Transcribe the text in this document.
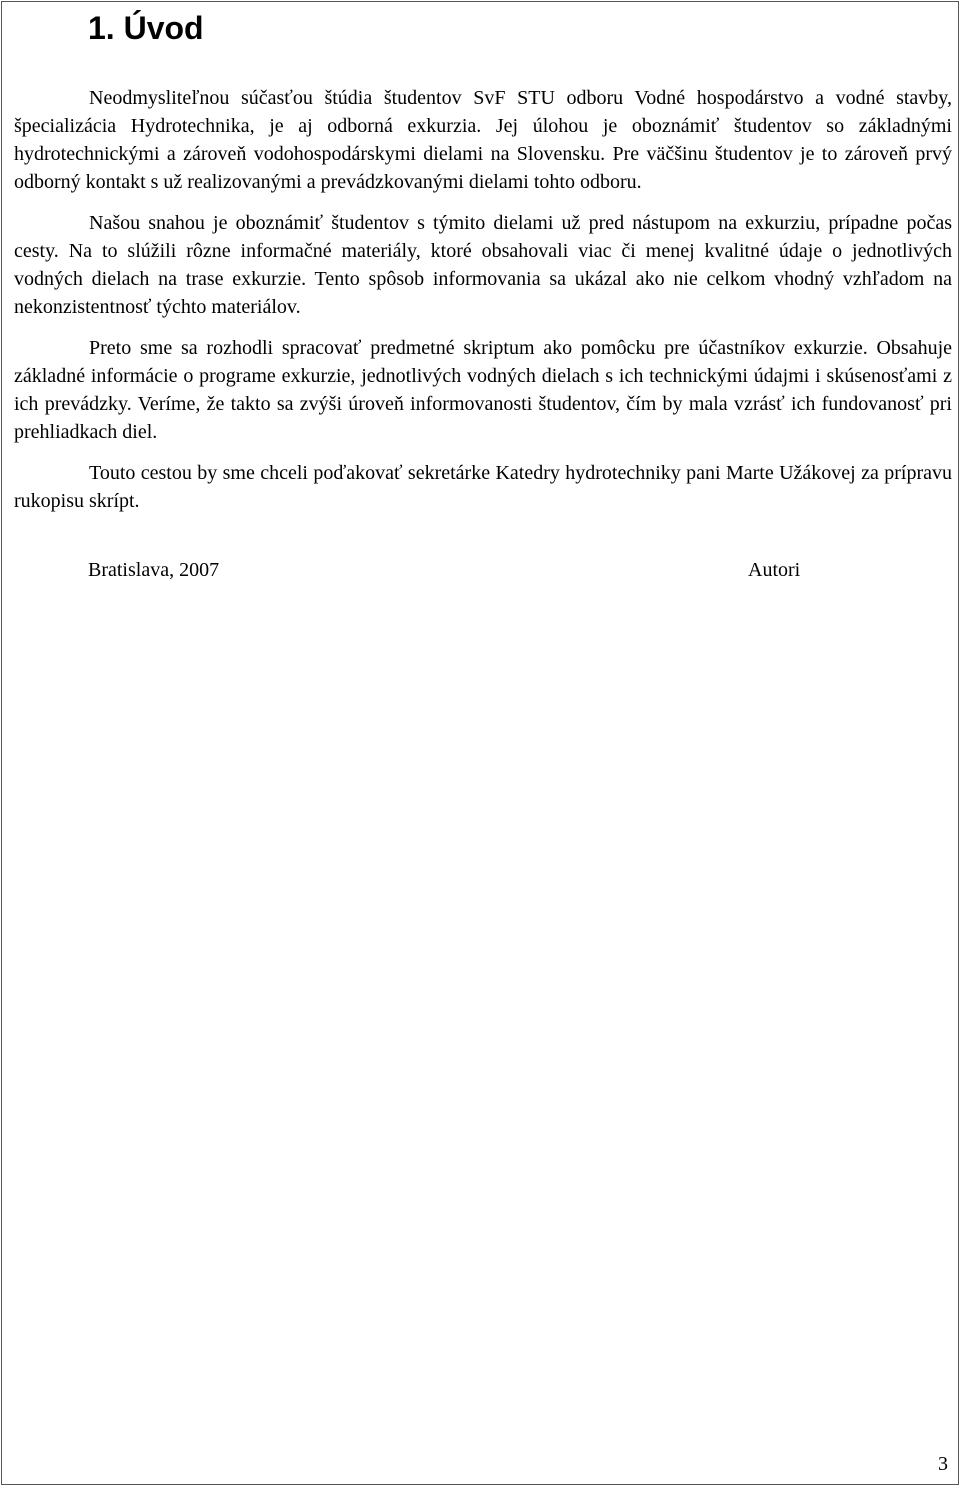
1. Úvod

Neodmysliteľnou súčasťou štúdia študentov SvF STU odboru Vodné hospodárstvo a vodné stavby, špecializácia Hydrotechnika, je aj odborná exkurzia. Jej úlohou je oboznámiť študentov so základnými hydrotechnickými a zároveň vodohospodárskymi dielami na Slovensku. Pre väčšinu študentov je to zároveň prvý odborný kontakt s už realizovanými a prevádzkovanými dielami tohto odboru.

Našou snahou je oboznámiť študentov s týmito dielami už pred nástupom na exkurziu, prípadne počas cesty. Na to slúžili rôzne informačné materiály, ktoré obsahovali viac či menej kvalitné údaje o jednotlivých vodných dielach na trase exkurzie. Tento spôsob informovania sa ukázal ako nie celkom vhodný vzhľadom na nekonzistentnosť týchto materiálov.

Preto sme sa rozhodli spracovať predmetné skriptum ako pomôcku pre účastníkov exkurzie. Obsahuje základné informácie o programe exkurzie, jednotlivých vodných dielach s ich technickými údajmi i skúsenosťami z ich prevádzky. Veríme, že takto sa zvýši úroveň informovanosti študentov, čím by mala vzrásť ich fundovanosť pri prehliadkach diel.

Touto cestou by sme chceli poďakovať sekretárke Katedry hydrotechniky pani Marte Užákovej za prípravu rukopisu skrípt.

Bratislava, 2007	Autori
3
